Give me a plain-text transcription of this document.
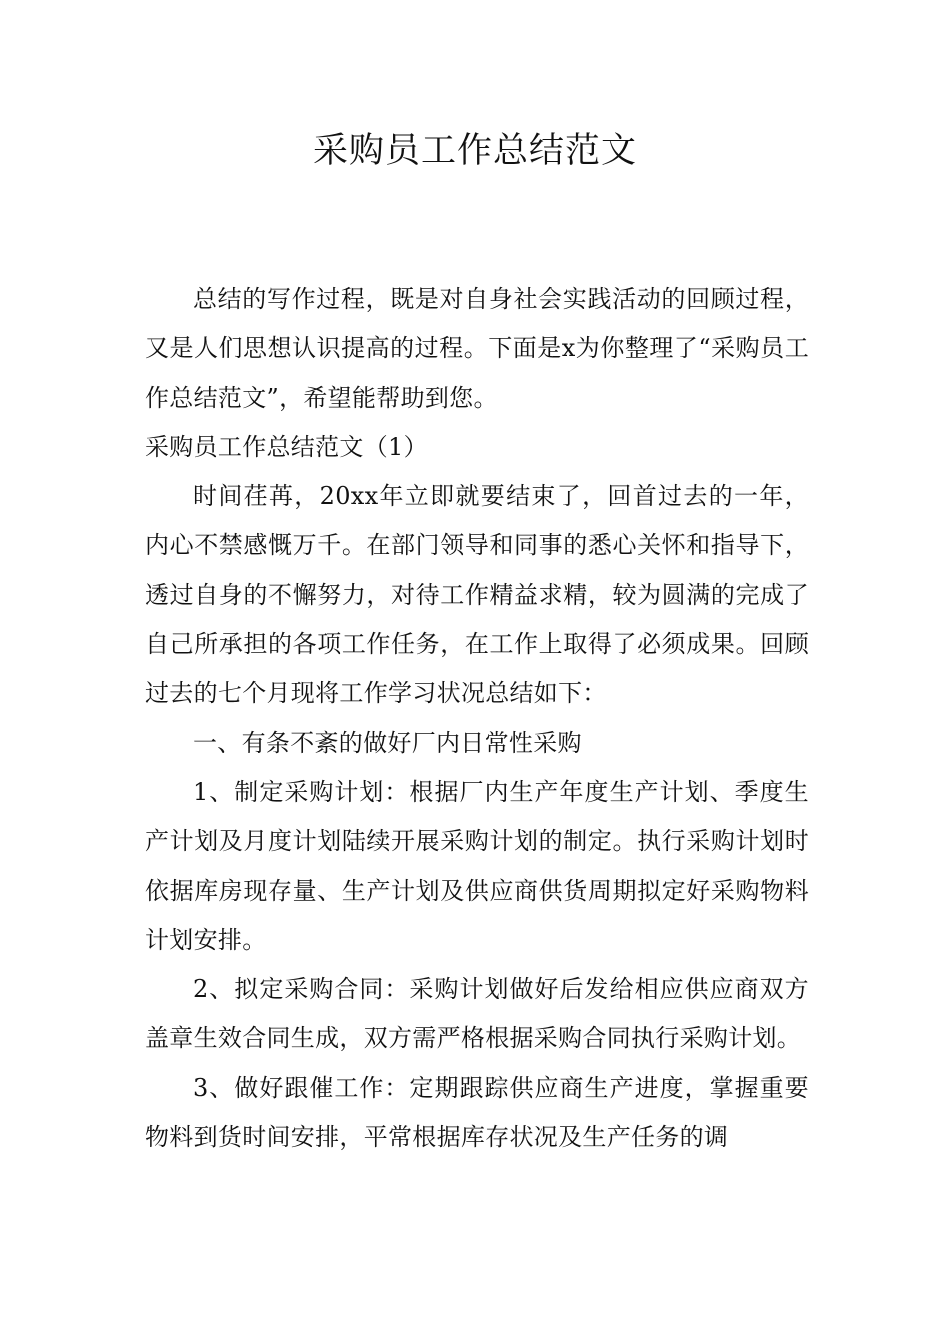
采购员工作总结范文

总结的写作过程，既是对自身社会实践活动的回顾过程，又是人们思想认识提高的过程。下面是x为你整理了“采购员工作总结范文”，希望能帮助到您。

采购员工作总结范文（1）

时间荏苒，20xx年立即就要结束了，回首过去的一年，内心不禁感慨万千。在部门领导和同事的悉心关怀和指导下，透过自身的不懈努力，对待工作精益求精，较为圆满的完成了自己所承担的各项工作任务，在工作上取得了必须成果。回顾过去的七个月现将工作学习状况总结如下：

一、有条不紊的做好厂内日常性采购

1、制定采购计划：根据厂内生产年度生产计划、季度生产计划及月度计划陆续开展采购计划的制定。执行采购计划时依据库房现存量、生产计划及供应商供货周期拟定好采购物料计划安排。

2、拟定采购合同：采购计划做好后发给相应供应商双方盖章生效合同生成，双方需严格根据采购合同执行采购计划。

3、做好跟催工作：定期跟踪供应商生产进度，掌握重要物料到货时间安排，平常根据库存状况及生产任务的调
